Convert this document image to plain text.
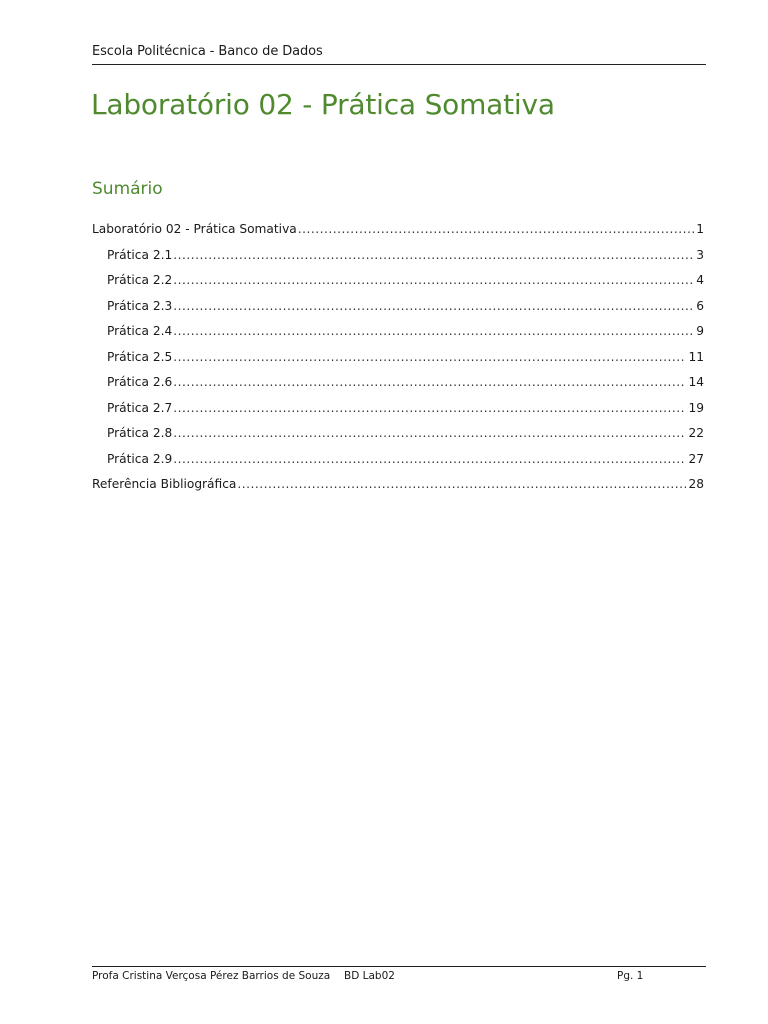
Escola Politécnica - Banco de Dados
Laboratório 02 - Prática Somativa
Sumário
Laboratório 02 - Prática Somativa .....	1
Prática 2.1 .....	3
Prática 2.2 .....	4
Prática 2.3 .....	6
Prática 2.4 .....	9
Prática 2.5 .....	11
Prática 2.6 .....	14
Prática 2.7 .....	19
Prática 2.8 .....	22
Prática 2.9 .....	27
Referência Bibliográfica .....	28
Profa Cristina Verçosa Pérez Barrios de Souza BD Lab02	Pg. 1
